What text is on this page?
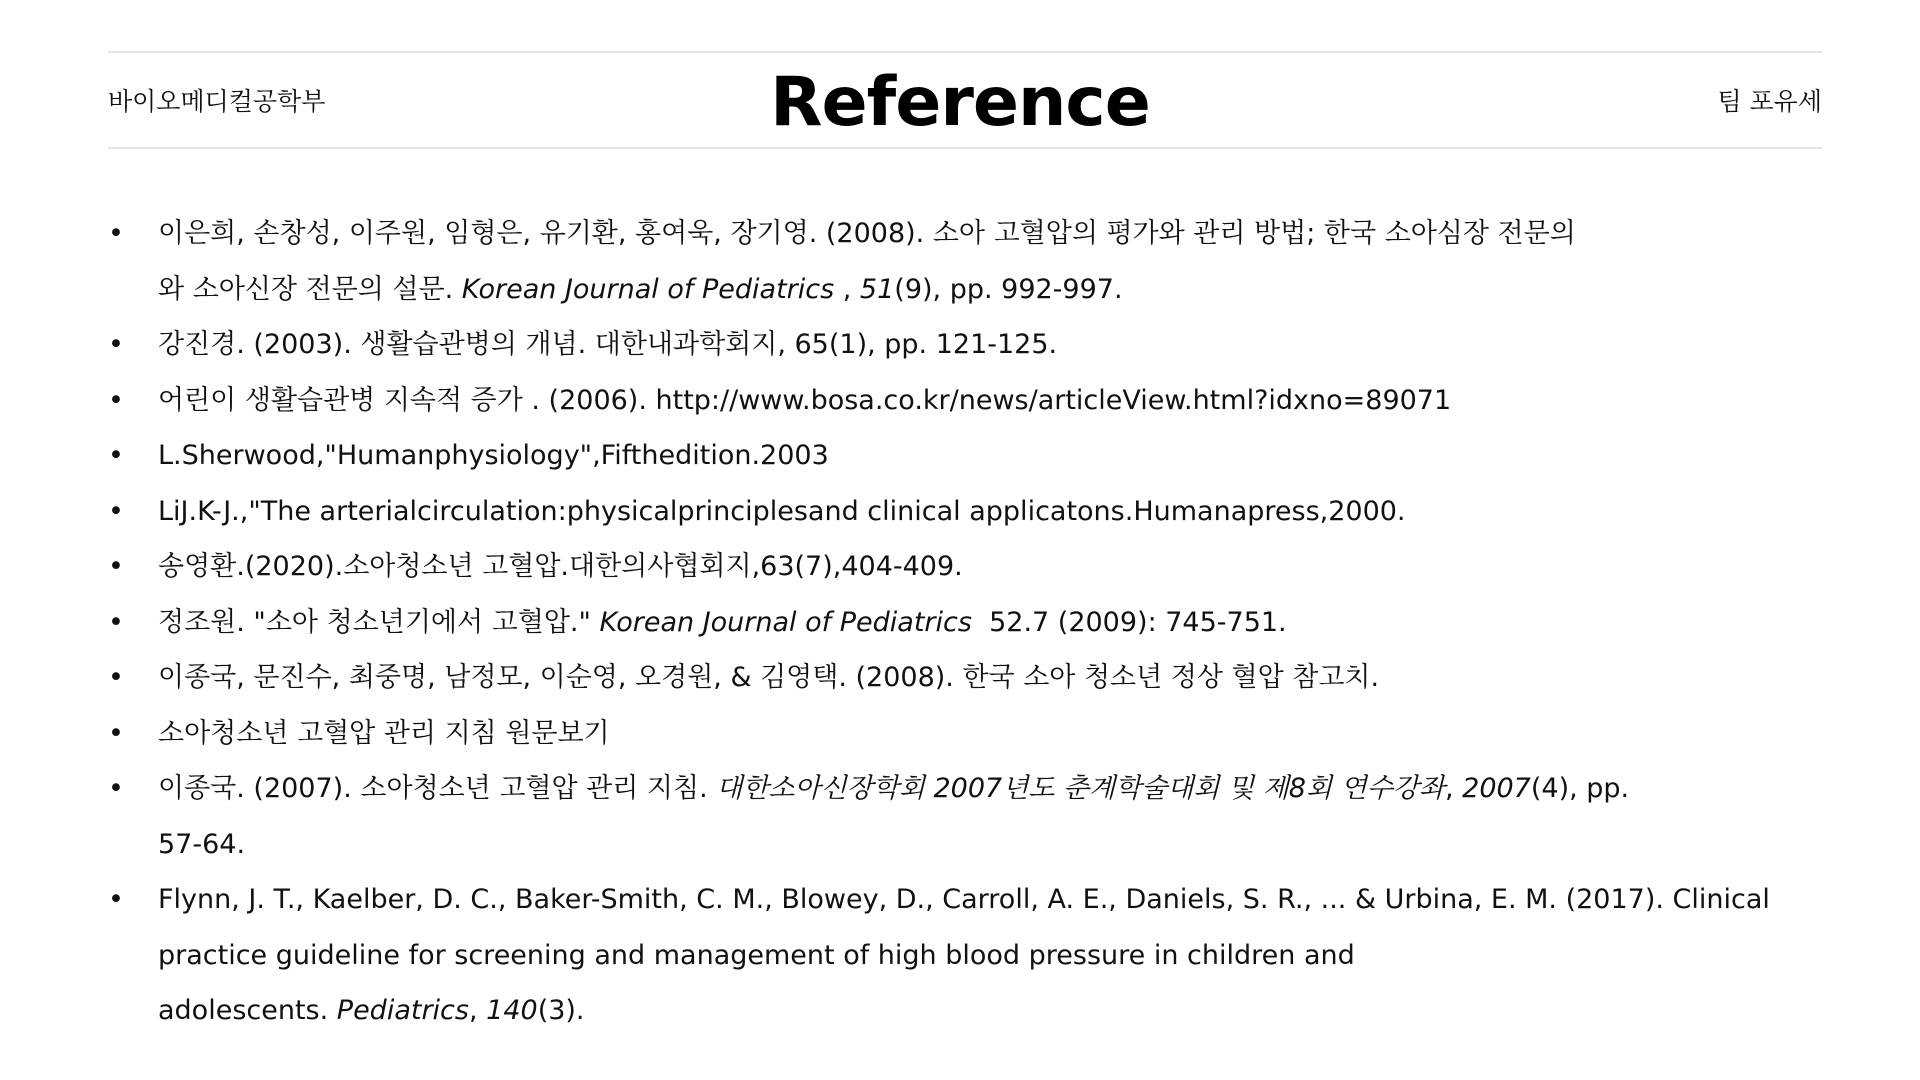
바이오메디컬공학부	Reference	팀 포유세
• 이은희, 손창성, 이주원, 임형은, 유기환, 홍여욱, 장기영. (2008). 소아 고혈압의 평가와 관리 방법; 한국 소아심장 전문의
와 소아신장 전문의 설문. Korean Journal of Pediatrics , 51(9), pp. 992-997.
• 강진경. (2003). 생활습관병의 개념. 대한내과학회지, 65(1), pp. 121-125.
• 어린이 생활습관병 지속적 증가 . (2006). http://www.bosa.co.kr/news/articleView.html?idxno=89071
• L.Sherwood,"Humanphysiology",Fifthedition.2003
• LiJ.K-J.,"The arterialcirculation:physicalprinciplesand clinical applicatons.Humanapress,2000.
• 송영환.(2020).소아청소년 고혈압.대한의사협회지,63(7),404-409.
• 정조원. "소아 청소년기에서 고혈압." Korean Journal of Pediatrics  52.7 (2009): 745-751.
• 이종국, 문진수, 최중명, 남정모, 이순영, 오경원, & 김영택. (2008). 한국 소아 청소년 정상 혈압 참고치.
• 소아청소년 고혈압 관리 지침 원문보기
• 이종국. (2007). 소아청소년 고혈압 관리 지침. 대한소아신장학회 2007년도 춘계학술대회 및 제8회 연수강좌, 2007(4), pp.
57-64.
• Flynn, J. T., Kaelber, D. C., Baker-Smith, C. M., Blowey, D., Carroll, A. E., Daniels, S. R., ... & Urbina, E. M. (2017). Clinical
practice guideline for screening and management of high blood pressure in children and
adolescents. Pediatrics, 140(3).
